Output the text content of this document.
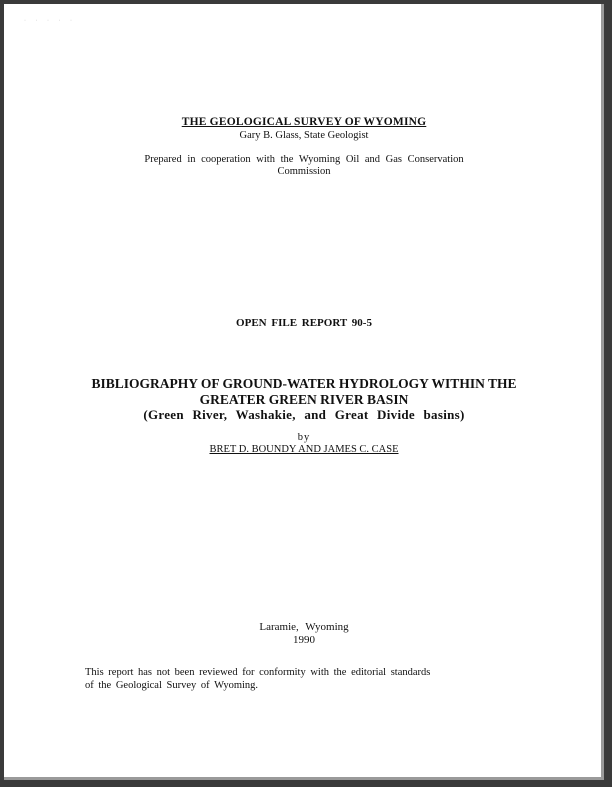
· · · · ·
THE GEOLOGICAL SURVEY OF WYOMING
Gary B. Glass, State Geologist
Prepared in cooperation with the Wyoming Oil and Gas Conservation
Commission
OPEN FILE REPORT 90-5
BIBLIOGRAPHY OF GROUND-WATER HYDROLOGY WITHIN THE
GREATER GREEN RIVER BASIN
(Green River, Washakie, and Great Divide basins)
by
BRET D. BOUNDY AND JAMES C. CASE
Laramie, Wyoming
1990
This report has not been reviewed for conformity with the editorial standards
of the Geological Survey of Wyoming.
